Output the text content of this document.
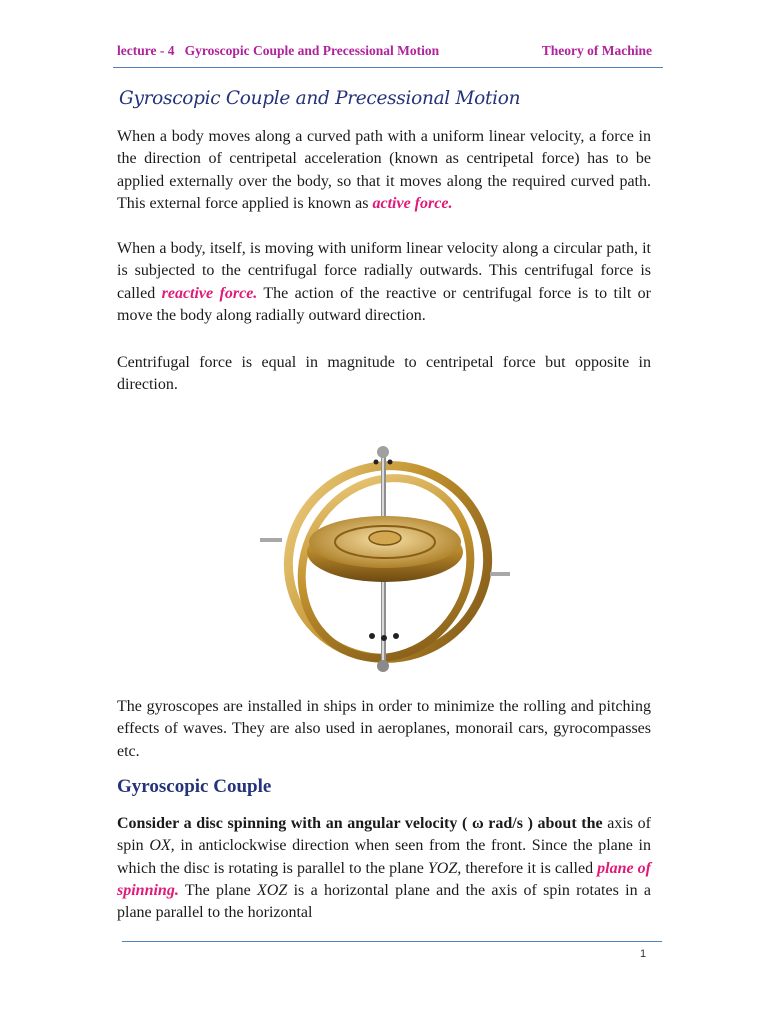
lecture - 4   Gyroscopic Couple and Precessional Motion	Theory of Machine
Gyroscopic Couple and Precessional Motion

When a body moves along a curved path with a uniform linear velocity, a force in the direction of centripetal acceleration (known as centripetal force) has to be applied externally over the body, so that it moves along the required curved path. This external force applied is known as active force.

When a body, itself, is moving with uniform linear velocity along a circular path, it is subjected to the centrifugal force radially outwards. This centrifugal force is called reactive force. The action of the reactive or centrifugal force is to tilt or move the body along radially outward direction.

Centrifugal force is equal in magnitude to centripetal force but opposite in direction.

The gyroscopes are installed in ships in order to minimize the rolling and pitching effects of waves. They are also used in aeroplanes, monorail cars, gyrocompasses etc.

Gyroscopic Couple

Consider a disc spinning with an angular velocity ( ω rad/s ) about the axis of spin OX, in anticlockwise direction when seen from the front. Since the plane in which the disc is rotating is parallel to the plane YOZ, therefore it is called plane of spinning. The plane XOZ is a horizontal plane and the axis of spin rotates in a plane parallel to the horizontal

1
